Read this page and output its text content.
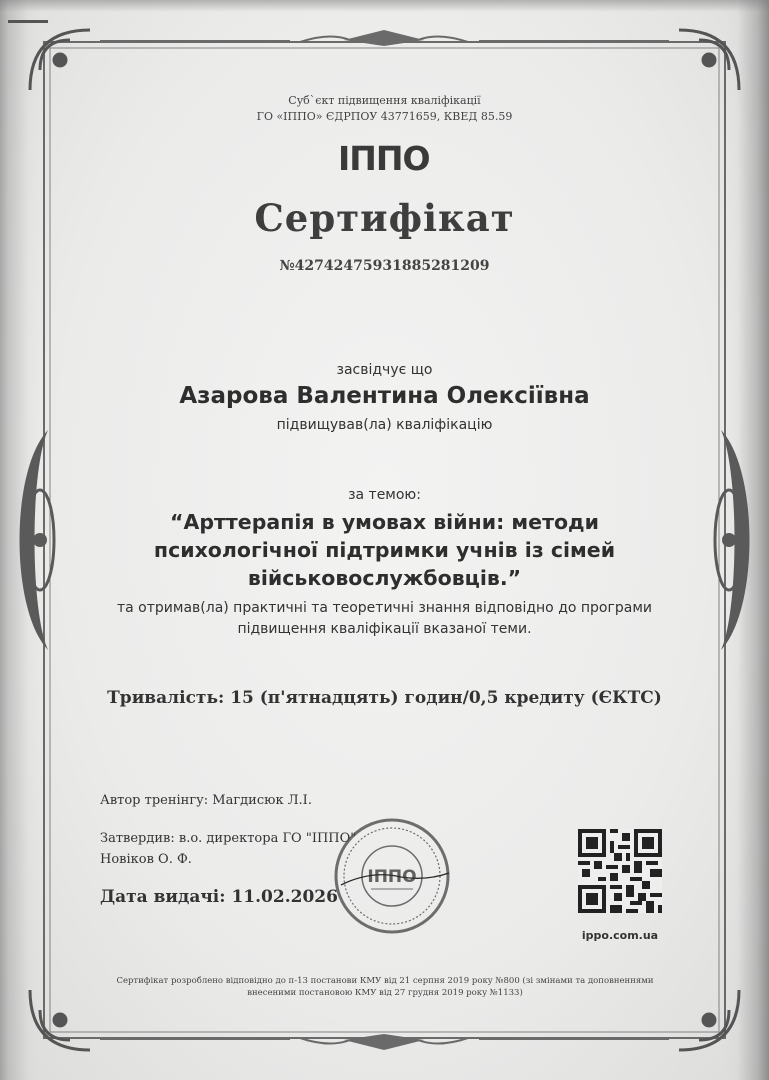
Суб`єкт підвищення кваліфікації
ГО «ІППО» ЄДРПОУ 43771659, КВЕД 85.59

ІППО
Сертифікат

№427424759318852812​09

засвідчує що

Азарова Валентина Олексіївна

підвищував(ла) кваліфікацію

за темою:

“Арттерапія в умовах війни: методи
психологічної підтримки учнів із сімей
військовослужбовців.”

та отримав(ла) практичні та теоретичні знання відповідно до програми
підвищення кваліфікації вказаної теми.

Тривалість: 15 (п'ятнадцять) годин/0,5 кредиту (ЄКТС)

Автор тренінгу: Магдисюк Л.І.

Затвердив: в.о. директора ГО "ІППО"
Новіков О. Ф.

Дата видачі: 11.02.2026

ІППО
ippo.com.ua

Сертифікат розроблено відповідно до п-13 постанови КМУ від 21 серпня 2019 року №800 (зі змінами та доповненнями
внесеними постановою КМУ від 27 грудня 2019 року №1133)
